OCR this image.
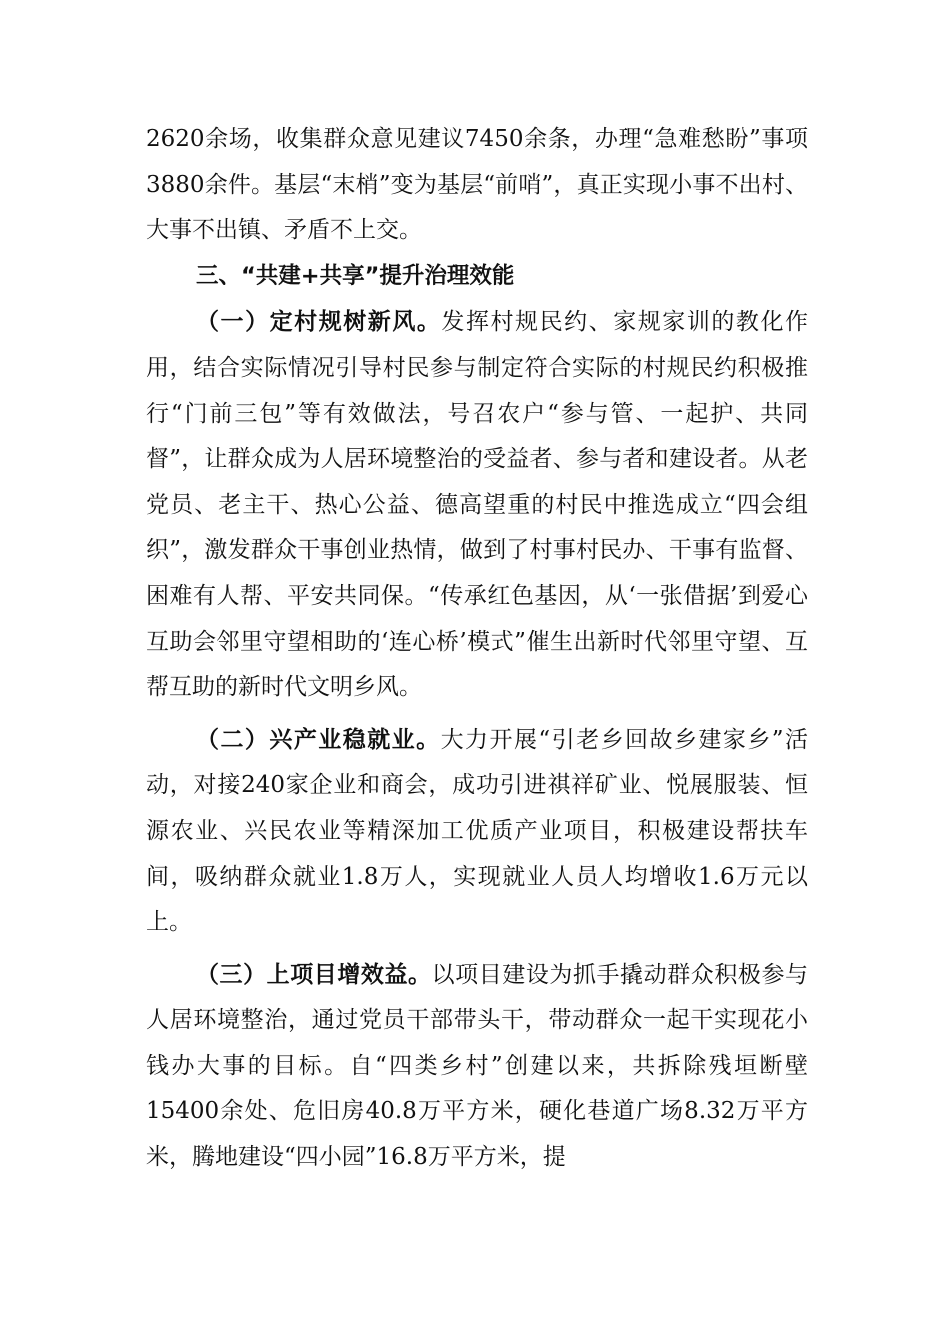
2620余场，收集群众意见建议7450余条，办理“急难愁盼”事项3880余件。基层“末梢”变为基层“前哨”，真正实现小事不出村、大事不出镇、矛盾不上交。

三、“共建+共享”提升治理效能

（一）定村规树新风。发挥村规民约、家规家训的教化作用，结合实际情况引导村民参与制定符合实际的村规民约积极推行“门前三包”等有效做法，号召农户“参与管、一起护、共同督”，让群众成为人居环境整治的受益者、参与者和建设者。从老党员、老主干、热心公益、德高望重的村民中推选成立“四会组织”，激发群众干事创业热情，做到了村事村民办、干事有监督、困难有人帮、平安共同保。“传承红色基因，从‘一张借据’到爱心互助会邻里守望相助的‘连心桥’模式”催生出新时代邻里守望、互帮互助的新时代文明乡风。

（二）兴产业稳就业。大力开展“引老乡回故乡建家乡”活动，对接240家企业和商会，成功引进祺祥矿业、悦展服装、恒源农业、兴民农业等精深加工优质产业项目，积极建设帮扶车间，吸纳群众就业1.8万人，实现就业人员人均增收1.6万元以上。

（三）上项目增效益。以项目建设为抓手撬动群众积极参与人居环境整治，通过党员干部带头干，带动群众一起干实现花小钱办大事的目标。自“四类乡村”创建以来，共拆除残垣断壁15400余处、危旧房40.8万平方米，硬化巷道广场8.32万平方米，腾地建设“四小园”16.8万平方米，提
